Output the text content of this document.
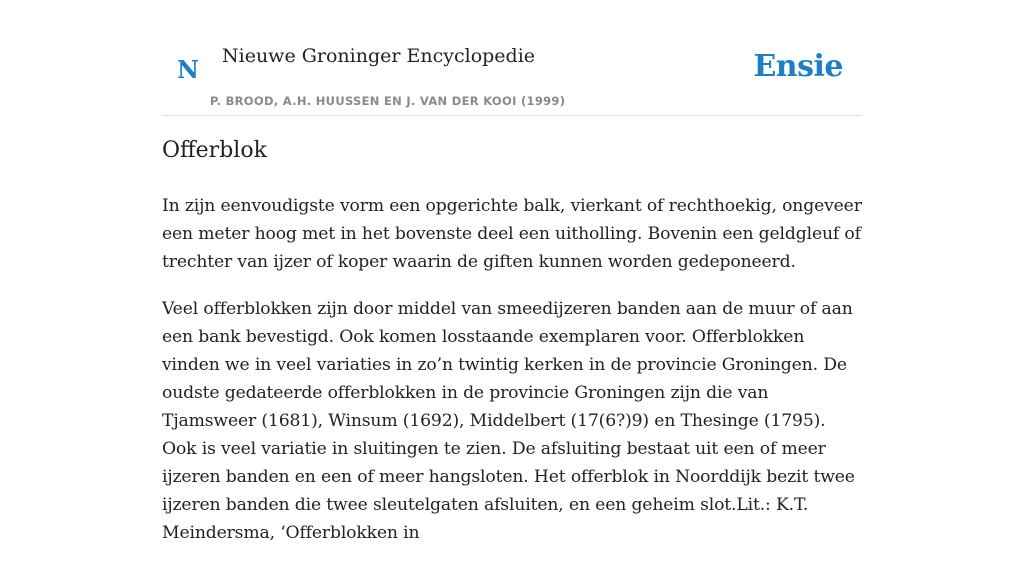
N Nieuwe Groninger Encyclopedie
P. BROOD, A.H. HUUSSEN EN J. VAN DER KOOI (1999)
Ensie
Offerblok

In zijn eenvoudigste vorm een opgerichte balk, vierkant of rechthoekig, ongeveer een meter hoog met in het bovenste deel een uitholling. Bovenin een geldgleuf of trechter van ijzer of koper waarin de giften kunnen worden gedeponeerd.

Veel offerblokken zijn door middel van smeedijzeren banden aan de muur of aan een bank bevestigd. Ook komen losstaande exemplaren voor. Offerblokken vinden we in veel variaties in zo’n twintig kerken in de provincie Groningen. De oudste gedateerde offerblokken in de provincie Groningen zijn die van Tjamsweer (1681), Winsum (1692), Middelbert (17(6?)9) en Thesinge (1795). Ook is veel variatie in sluitingen te zien. De afsluiting bestaat uit een of meer ijzeren banden en een of meer hangsloten. Het offerblok in Noorddijk bezit twee ijzeren banden die twee sleutelgaten afsluiten, en een geheim slot.Lit.: K.T. Meindersma, ‘Offerblokken in
